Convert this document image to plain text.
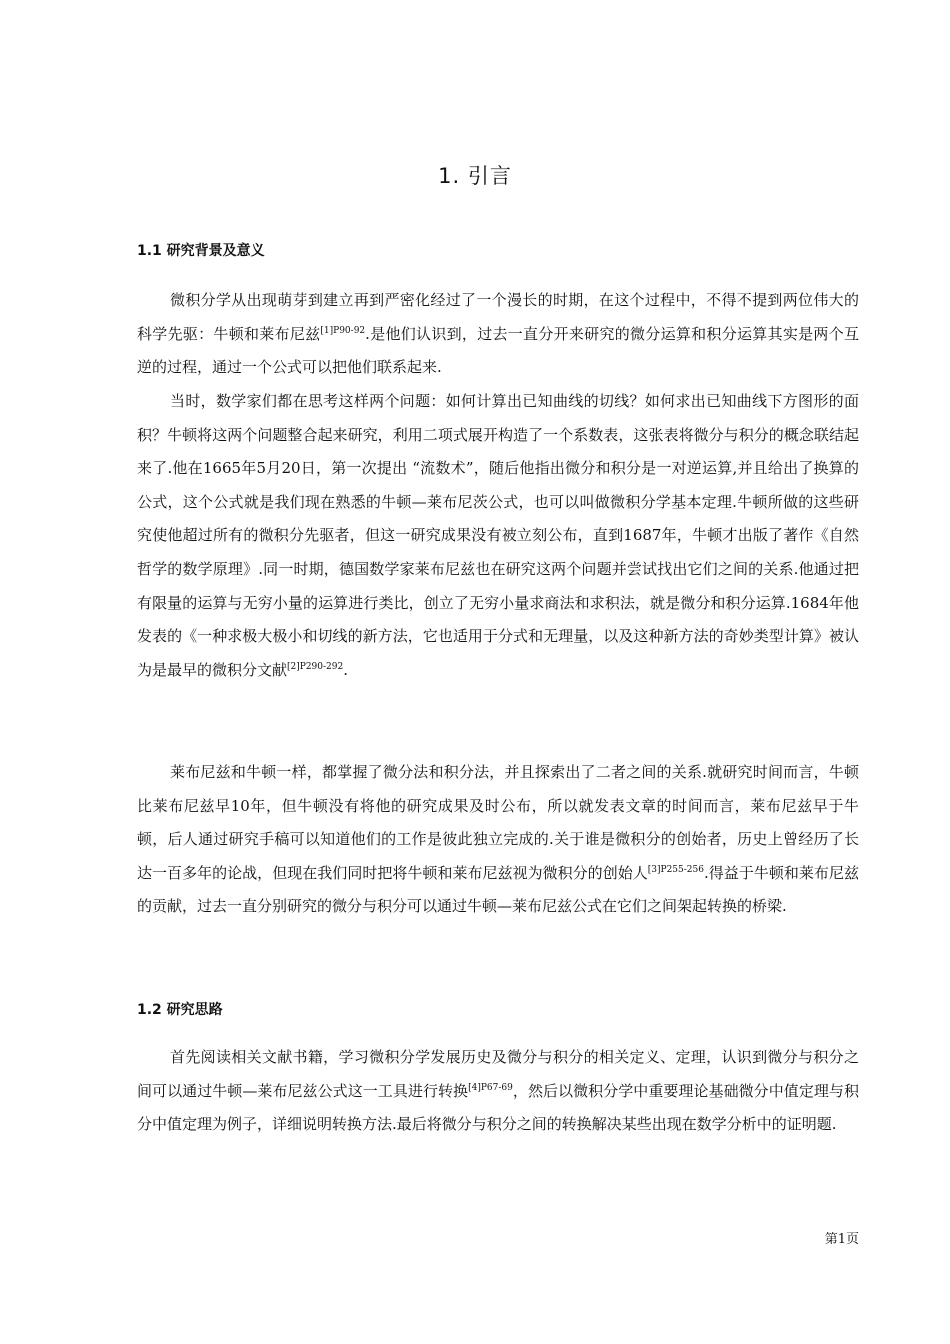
1. 引言
1.1 研究背景及意义

微积分学从出现萌芽到建立再到严密化经过了一个漫长的时期，在这个过程中，不得不提到两位伟大的科学先驱：牛顿和莱布尼兹$^{[1]P90-92}$.是他们认识到，过去一直分开来研究的微分运算和积分运算其实是两个互逆的过程，通过一个公式可以把他们联系起来.

当时，数学家们都在思考这样两个问题：如何计算出已知曲线的切线？如何求出已知曲线下方图形的面积？牛顿将这两个问题整合起来研究，利用二项式展开构造了一个系数表，这张表将微分与积分的概念联结起来了.他在1665年5月20日，第一次提出 “流数术”，随后他指出微分和积分是一对逆运算,并且给出了换算的公式，这个公式就是我们现在熟悉的牛顿—莱布尼茨公式，也可以叫做微积分学基本定理.牛顿所做的这些研究使他超过所有的微积分先驱者，但这一研究成果没有被立刻公布，直到1687年，牛顿才出版了著作《自然哲学的数学原理》.同一时期，德国数学家莱布尼兹也在研究这两个问题并尝试找出它们之间的关系.他通过把有限量的运算与无穷小量的运算进行类比，创立了无穷小量求商法和求积法，就是微分和积分运算.1684年他发表的《一种求极大极小和切线的新方法，它也适用于分式和无理量，以及这种新方法的奇妙类型计算》被认为是最早的微积分文献$^{[2]P290-292}$.

莱布尼兹和牛顿一样，都掌握了微分法和积分法，并且探索出了二者之间的关系.就研究时间而言，牛顿比莱布尼兹早10年，但牛顿没有将他的研究成果及时公布，所以就发表文章的时间而言，莱布尼兹早于牛顿，后人通过研究手稿可以知道他们的工作是彼此独立完成的.关于谁是微积分的创始者，历史上曾经历了长达一百多年的论战，但现在我们同时把将牛顿和莱布尼兹视为微积分的创始人$^{[3]P255-256}$.得益于牛顿和莱布尼兹的贡献，过去一直分别研究的微分与积分可以通过牛顿—莱布尼兹公式在它们之间架起转换的桥梁.

1.2 研究思路

首先阅读相关文献书籍，学习微积分学发展历史及微分与积分的相关定义、定理，认识到微分与积分之间可以通过牛顿—莱布尼兹公式这一工具进行转换$^{[4]P67-69}$，然后以微积分学中重要理论基础微分中值定理与积分中值定理为例子，详细说明转换方法.最后将微分与积分之间的转换解决某些出现在数学分析中的证明题.

第1页
